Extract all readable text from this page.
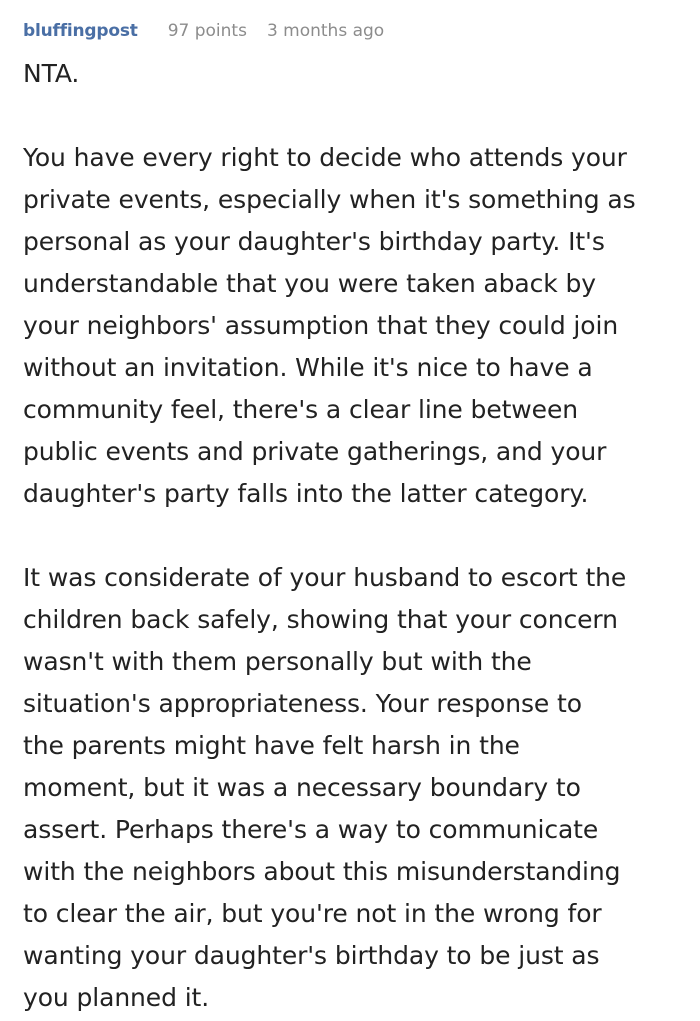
bluffingpost 97 points 3 months ago

NTA.

You have every right to decide who attends your
private events, especially when it's something as
personal as your daughter's birthday party. It's
understandable that you were taken aback by
your neighbors' assumption that they could join
without an invitation. While it's nice to have a
community feel, there's a clear line between
public events and private gatherings, and your
daughter's party falls into the latter category.

It was considerate of your husband to escort the
children back safely, showing that your concern
wasn't with them personally but with the
situation's appropriateness. Your response to
the parents might have felt harsh in the
moment, but it was a necessary boundary to
assert. Perhaps there's a way to communicate
with the neighbors about this misunderstanding
to clear the air, but you're not in the wrong for
wanting your daughter's birthday to be just as
you planned it.
